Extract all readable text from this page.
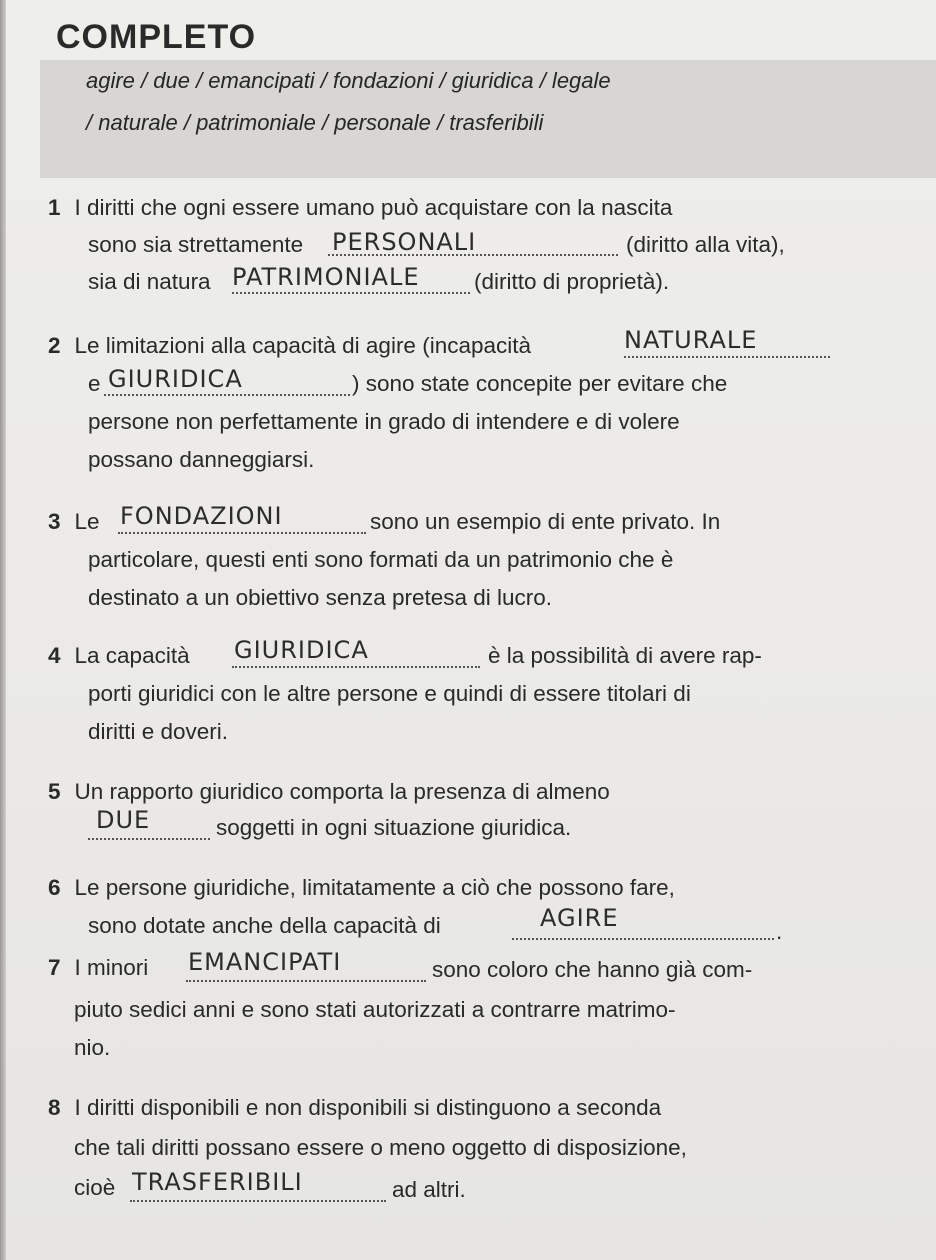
COMPLETO
agire / due / emancipati / fondazioni / giuridica / legale
/ naturale / patrimoniale / personale / trasferibili
1 I diritti che ogni essere umano può acquistare con la nascita
sono sia strettamente PERSONALI	(diritto alla vita),
sia di natura PATRIMONIALE (diritto di proprietà).
2 Le limitazioni alla capacità di agire (incapacità	NATURALE
e GIURIDICA	) sono state concepite per evitare che
persone non perfettamente in grado di intendere e di volere
possano danneggiarsi.
3 Le FONDAZIONI	sono un esempio di ente privato. In
particolare, questi enti sono formati da un patrimonio che è
destinato a un obiettivo senza pretesa di lucro.
4 La capacità GIURIDICA	è la possibilità di avere rap-
porti giuridici con le altre persone e quindi di essere titolari di
diritti e doveri.
5 Un rapporto giuridico comporta la presenza di almeno
DUE	soggetti in ogni situazione giuridica.
6 Le persone giuridiche, limitatamente a ciò che possono fare,
sono dotate anche della capacità di	AGIRE	.
7 I minori EMANCIPATI	sono coloro che hanno già com-
piuto sedici anni e sono stati autorizzati a contrarre matrimo-
nio.
8 I diritti disponibili e non disponibili si distinguono a seconda
che tali diritti possano essere o meno oggetto di disposizione,
cioè TRASFERIBILI	ad altri.
